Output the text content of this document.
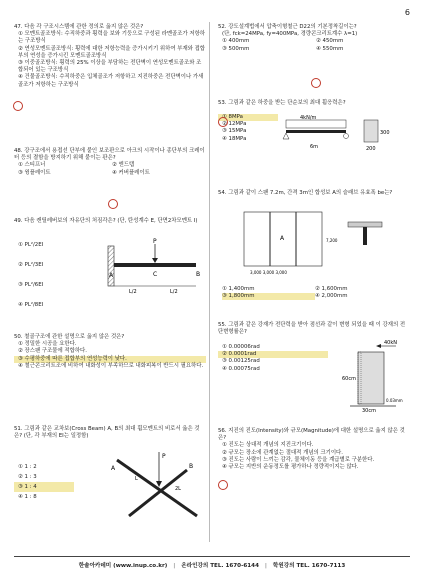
6
47. 다음 각 구조시스템에 관한 정의로 옳지 않은 것은?
① 모멘트골조방식: 수직하중과 횡력을 보와 기둥으로 구성된 라멘골조가 저항하는 구조방식
② 연성모멘트골조방식: 횡력에 대한 저항능력을 증가시키기 위하여 부재와 접합부의 연성을 증가시킨 모멘트골조방식
③ 이중골조방식: 횡력의 25% 이상을 부담하는 전단벽이 연성모멘트골조와 조합되어 있는 구조방식
④ 건물골조방식: 수직하중은 입체골조가 저항하고 지진하중은 전단벽이나 가새골조가 저항하는 구조방식
48. 강구조에서 용접선 단부에 붙인 보조판으로 아크의 시작이나 종단부의 크레이터 등의 결함을 방지하기 위해 붙이는 판은?
① 스티프너	② 엔드탭
③ 윙플레이트	④ 커버플레이트
49. 다음 캔틸레버보의 자유단의 처짐각은? (단, 탄성계수 E, 단면2차모멘트 I)
①
PL²/2EI
②
PL²/3EI
③
PL²/6EI
④
PL²/8EI
P
A	C	B
L/2	L/2
50. 철골구조에 관한 설명으로 옳지 않은 것은?
① 정밀한 시공을 요한다.
② 장스팬 구조물에 적합하다.
③ 수평하중에 따른 접합부의 연성능력이 낮다.
④ 철근콘크리트조에 비하여 내화성이 부족하므로 내화피복이 반드시 필요하다.
51. 그림과 같은 교차보(Cross Beam) A, B의 최대 휨모멘트의 비로서 옳은 것은? (단, 각 부재의 EI는 일정함)
① 1 : 2
② 1 : 3
③ 1 : 4
④ 1 : 8
P
A	B
L
2L
52. 강도설계법에서 압축이형철근 D22의 기본정착길이는?
(단, fck=24MPa, fy=400MPa, 경량콘크리트계수 λ=1)
① 400mm	② 450mm
③ 500mm	④ 550mm
53. 그림과 같은 하중을 받는 단순보의 최대 휨응력은?
① 8MPa
② 12MPa
③ 15MPa
④ 18MPa
4kN/m
6m	200
300
54. 그림과 같이 스팬 7.2m, 간격 3m인 합성보 A의 슬래브 유효폭 be는?
A
3,000 3,000 3,000
7,200
① 1,400mm	② 1,600mm
③ 1,800mm	④ 2,000mm
55. 그림과 같은 강재가 전단력을 받아 점선과 같이 변형 되었을 때 이 강재의 전단변형률은?
① 0.00006rad
② 0.0001rad
③ 0.00125rad
④ 0.00075rad
40kN
60cm
30cm
0.03mm
56. 지진의 진도(Intensity)와 규모(Magnitude)에 대한 설명으로 옳지 않은 것은?
① 진도는 상대적 개념의 지진크기이다.
② 규모는 장소에 관계없는 절대적 개념의 크기이다.
③ 진도는 사람이 느끼는 감각, 물체이동 등을 계급별로 구분한다.
④ 규모는 지반의 운동정도를 평가하나 정량적이지는 않다.
한솔아카데미 (www.inup.co.kr) | 온라인강의 TEL. 1670-6144 | 학원강의 TEL. 1670-7113
